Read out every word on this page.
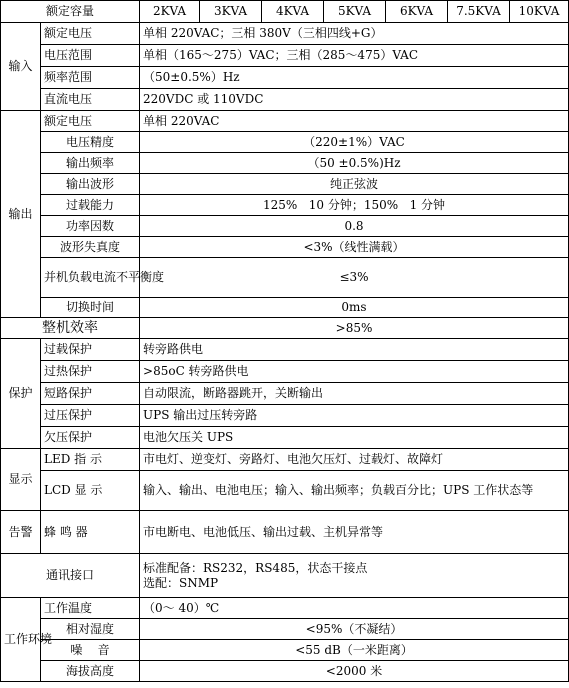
额定容量		2KVA	3KVA	4KVA	5KVA	6KVA	7.5KVA	10KVA
输入	额定电压	单相 220VAC；三相 380V（三相四线+G）						
	电压范围	单相（165～275）VAC；三相（285～475）VAC						
	频率范围	（50±0.5%）Hz						
	直流电压	220VDC 或 110VDC						
输出	额定电压	单相 220VAC						
	电压精度	（220±1%）VAC						
	输出频率	（50 ±0.5%)Hz						
	输出波形	纯正弦波						
	过载能力	125%   10 分钟；150%   1 分钟						
	功率因数	0.8						
	波形失真度	<3%（线性满载）						
	并机负载电流不平衡度	≤3%						
	切换时间	0ms						
整机效率		>85%						
保护	过载保护	转旁路供电						
	过热保护	>85oC 转旁路供电						
	短路保护	自动限流，断路器跳开，关断输出						
	过压保护	UPS 输出过压转旁路						
	欠压保护	电池欠压关 UPS						
显示	LED 指 示	市电灯、逆变灯、旁路灯、电池欠压灯、过载灯、故障灯						
	LCD 显 示	输入、输出、电池电压；输入、输出频率；负载百分比；UPS 工作状态等						
告警	蜂 鸣 器	市电断电、电池低压、输出过载、主机异常等						
通讯接口		标准配备：RS232，RS485，状态干接点
选配：SNMP						

工作环境	工作温度	（0～ 40）℃						
	相对湿度	<95%（不凝结）						
	噪    音	<55 dB（一米距离）						
	海拔高度	<2000 米						
